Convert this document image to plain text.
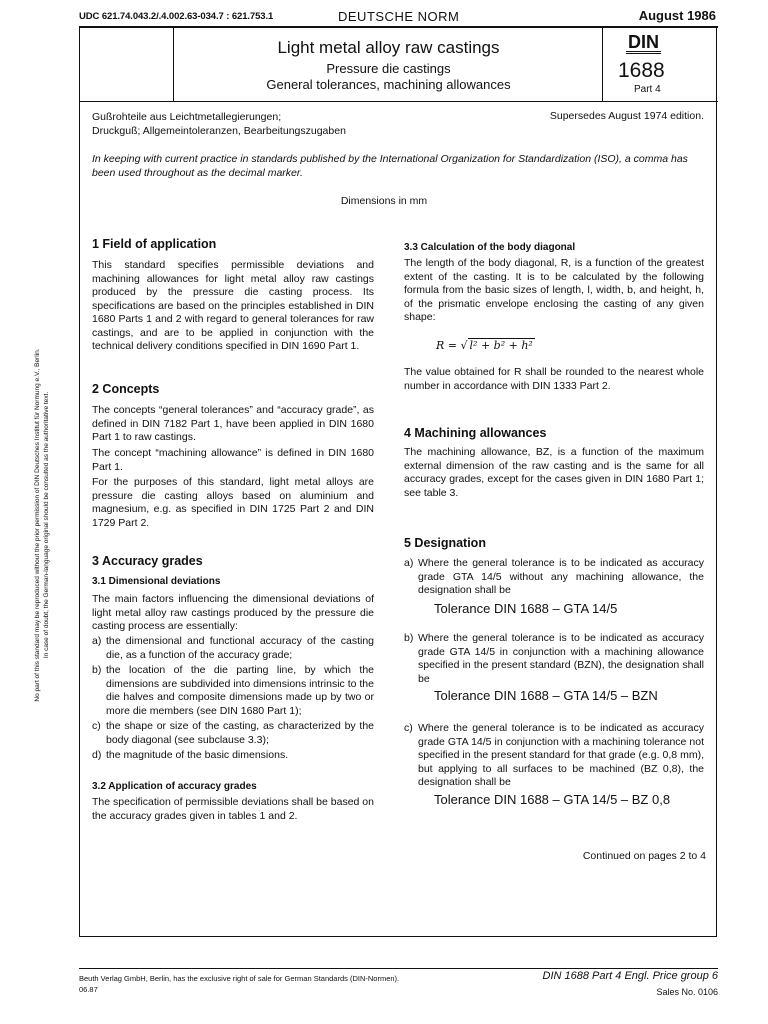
UDC 621.74.043.2/.4.002.63-034.7 : 621.753.1	DEUTSCHE NORM	August 1986
Light metal alloy raw castings
Pressure die castings
General tolerances, machining allowances
DIN
1688
Part 4
Gußrohteile aus Leichtmetallegierungen;
Druckguß; Allgemeintoleranzen, Bearbeitungszugaben
Supersedes August 1974 edition.
In keeping with current practice in standards published by the International Organization for Standardization (ISO), a comma has been used throughout as the decimal marker.
Dimensions in mm
No part of this standard may be reproduced without the prior permission of DIN Deutsches Institut für Normung e.V., Berlin. In case of doubt, the German-language original should be consulted as the authoritative text.
1 Field of application
This standard specifies permissible deviations and machining allowances for light metal alloy raw castings produced by the pressure die casting process. Its specifications are based on the principles established in DIN 1680 Parts 1 and 2 with regard to general tolerances for raw castings, and are to be applied in conjunction with the technical delivery conditions specified in DIN 1690 Part 1.
2 Concepts
The concepts “general tolerances” and “accuracy grade”, as defined in DIN 7182 Part 1, have been applied in DIN 1680 Part 1 to raw castings.
The concept “machining allowance” is defined in DIN 1680 Part 1.
For the purposes of this standard, light metal alloys are pressure die casting alloys based on aluminium and magnesium, e.g. as specified in DIN 1725 Part 2 and DIN 1729 Part 2.
3 Accuracy grades
3.1 Dimensional deviations
The main factors influencing the dimensional deviations of light metal alloy raw castings produced by the pressure die casting process are essentially:
a) the dimensional and functional accuracy of the casting die, as a function of the accuracy grade;
b) the location of the die parting line, by which the dimensions are subdivided into dimensions intrinsic to the die halves and composite dimensions made up by two or more die members (see DIN 1680 Part 1);
c) the shape or size of the casting, as characterized by the body diagonal (see subclause 3.3);
d) the magnitude of the basic dimensions.
3.2 Application of accuracy grades
The specification of permissible deviations shall be based on the accuracy grades given in tables 1 and 2.
3.3 Calculation of the body diagonal
The length of the body diagonal, R, is a function of the greatest extent of the casting. It is to be calculated by the following formula from the basic sizes of length, l, width, b, and height, h, of the prismatic envelope enclosing the casting of any given shape:
R = √ l² + b² + h²
The value obtained for R shall be rounded to the nearest whole number in accordance with DIN 1333 Part 2.
4 Machining allowances
The machining allowance, BZ, is a function of the maximum external dimension of the raw casting and is the same for all accuracy grades, except for the cases given in DIN 1680 Part 1; see table 3.
5 Designation
a) Where the general tolerance is to be indicated as accuracy grade GTA 14/5 without any machining allowance, the designation shall be
Tolerance DIN 1688 – GTA 14/5
b) Where the general tolerance is to be indicated as accuracy grade GTA 14/5 in conjunction with a machining allowance specified in the present standard (BZN), the designation shall be
Tolerance DIN 1688 – GTA 14/5 – BZN
c) Where the general tolerance is to be indicated as accuracy grade GTA 14/5 in conjunction with a machining tolerance not specified in the present standard for that grade (e.g. 0,8 mm), but applying to all surfaces to be machined (BZ 0,8), the designation shall be
Tolerance DIN 1688 – GTA 14/5 – BZ 0,8
Continued on pages 2 to 4
Beuth Verlag GmbH, Berlin, has the exclusive right of sale for German Standards (DIN-Normen).
06.87
DIN 1688 Part 4 Engl. Price group 6
Sales No. 0106
